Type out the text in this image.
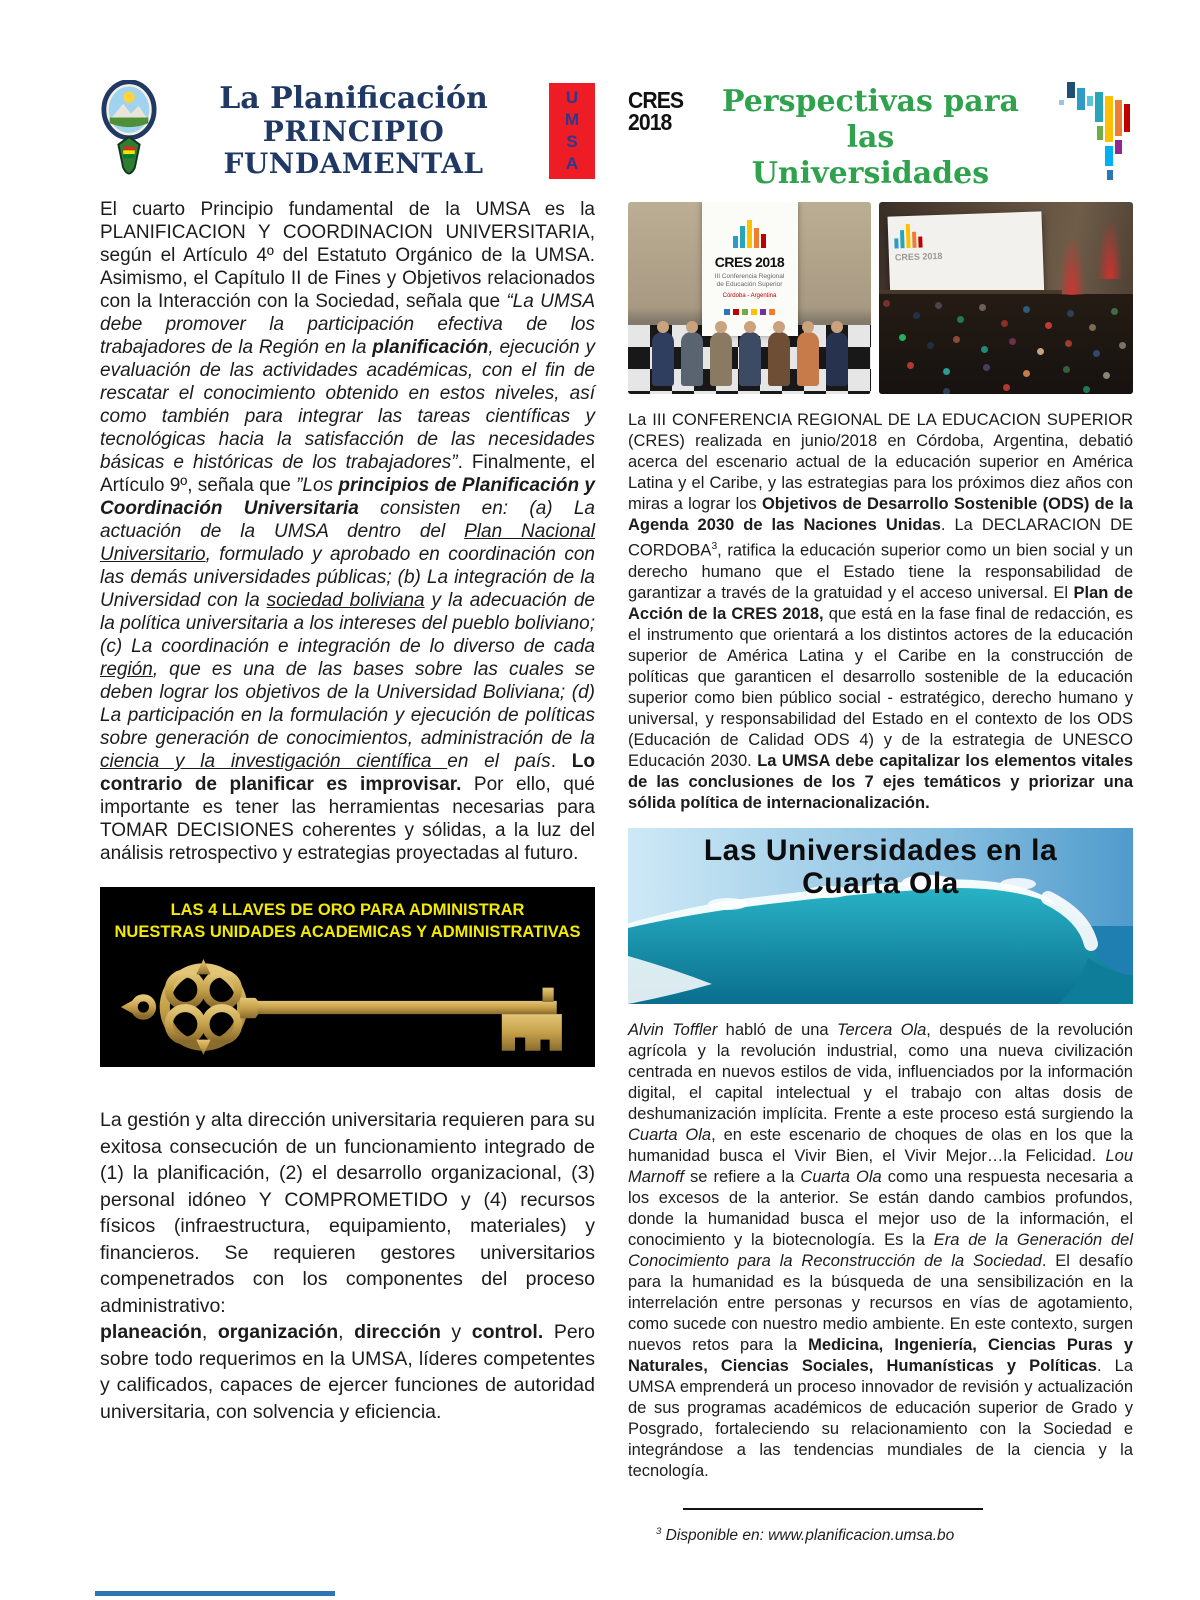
La Planificación
PRINCIPIO FUNDAMENTAL
U
M
S
A

El cuarto Principio fundamental de la UMSA es la PLANIFICACION Y COORDINACION UNIVERSITARIA, según el Artículo 4º del Estatuto Orgánico de la UMSA. Asimismo, el Capítulo II de Fines y Objetivos relacionados con la Interacción con la Sociedad, señala que “La UMSA debe promover la participación efectiva de los trabajadores de la Región en la planificación, ejecución y evaluación de las actividades académicas, con el fin de rescatar el conocimiento obtenido en estos niveles, así como también para integrar las tareas científicas y tecnológicas hacia la satisfacción de las necesidades básicas e históricas de los trabajadores”. Finalmente, el Artículo 9º, señala que ”Los principios de Planificación y Coordinación Universitaria consisten en: (a) La actuación de la UMSA dentro del Plan Nacional Universitario, formulado y aprobado en coordinación con las demás universidades públicas; (b) La integración de la Universidad con la sociedad boliviana y la adecuación de la política universitaria a los intereses del pueblo boliviano; (c) La coordinación e integración de lo diverso de cada región, que es una de las bases sobre las cuales se deben lograr los objetivos de la Universidad Boliviana; (d) La participación en la formulación y ejecución de políticas sobre generación de conocimientos, administración de la ciencia y la investigación científica en el país. Lo contrario de planificar es improvisar. Por ello, qué importante es tener las herramientas necesarias para TOMAR DECISIONES coherentes y sólidas, a la luz del análisis retrospectivo y estrategias proyectadas al futuro.

LAS 4 LLAVES DE ORO PARA ADMINISTRAR
NUESTRAS UNIDADES ACADEMICAS Y ADMINISTRATIVAS

La gestión y alta dirección universitaria requieren para su exitosa consecución de un funcionamiento integrado de (1) la planificación, (2) el desarrollo organizacional, (3) personal idóneo Y COMPROMETIDO y (4) recursos físicos (infraestructura, equipamiento, materiales) y financieros. Se requieren gestores universitarios compenetrados con los componentes del proceso administrativo:
planeación, organización, dirección y control. Pero sobre todo requerimos en la UMSA, líderes competentes y calificados, capaces de ejercer funciones de autoridad universitaria, con solvencia y eficiencia.

CRES
2018
Perspectivas para las
Universidades
CRES 2018
III Conferencia Regional
de Educación Superior
Córdoba - Argentina
CRES 2018

La III CONFERENCIA REGIONAL DE LA EDUCACION SUPERIOR (CRES) realizada en junio/2018 en Córdoba, Argentina, debatió acerca del escenario actual de la educación superior en América Latina y el Caribe, y las estrategias para los próximos diez años con miras a lograr los Objetivos de Desarrollo Sostenible (ODS) de la Agenda 2030 de las Naciones Unidas. La DECLARACION DE CORDOBA$^3$, ratifica la educación superior como un bien social y un derecho humano que el Estado tiene la responsabilidad de garantizar a través de la gratuidad y el acceso universal. El Plan de Acción de la CRES 2018, que está en la fase final de redacción, es el instrumento que orientará a los distintos actores de la educación superior de América Latina y el Caribe en la construcción de políticas que garanticen el desarrollo sostenible de la educación superior como bien público social - estratégico, derecho humano y universal, y responsabilidad del Estado en el contexto de los ODS (Educación de Calidad ODS 4) y de la estrategia de UNESCO Educación 2030. La UMSA debe capitalizar los elementos vitales de las conclusiones de los 7 ejes temáticos y priorizar una sólida política de internacionalización.

Las Universidades en la
Cuarta Ola

Alvin Toffler habló de una Tercera Ola, después de la revolución agrícola y la revolución industrial, como una nueva civilización centrada en nuevos estilos de vida, influenciados por la información digital, el capital intelectual y el trabajo con altas dosis de deshumanización implícita. Frente a este proceso está surgiendo la Cuarta Ola, en este escenario de choques de olas en los que la humanidad busca el Vivir Bien, el Vivir Mejor…la Felicidad. Lou Marnoff se refiere a la Cuarta Ola como una respuesta necesaria a los excesos de la anterior. Se están dando cambios profundos, donde la humanidad busca el mejor uso de la información, el conocimiento y la biotecnología. Es la Era de la Generación del Conocimiento para la Reconstrucción de la Sociedad. El desafío para la humanidad es la búsqueda de una sensibilización en la interrelación entre personas y recursos en vías de agotamiento, como sucede con nuestro medio ambiente. En este contexto, surgen nuevos retos para la Medicina, Ingeniería, Ciencias Puras y Naturales, Ciencias Sociales, Humanísticas y Políticas. La UMSA emprenderá un proceso innovador de revisión y actualización de sus programas académicos de educación superior de Grado y Posgrado, fortaleciendo su relacionamiento con la Sociedad e integrándose a las tendencias mundiales de la ciencia y la tecnología.

$^3$ Disponible en: www.planificacion.umsa.bo
